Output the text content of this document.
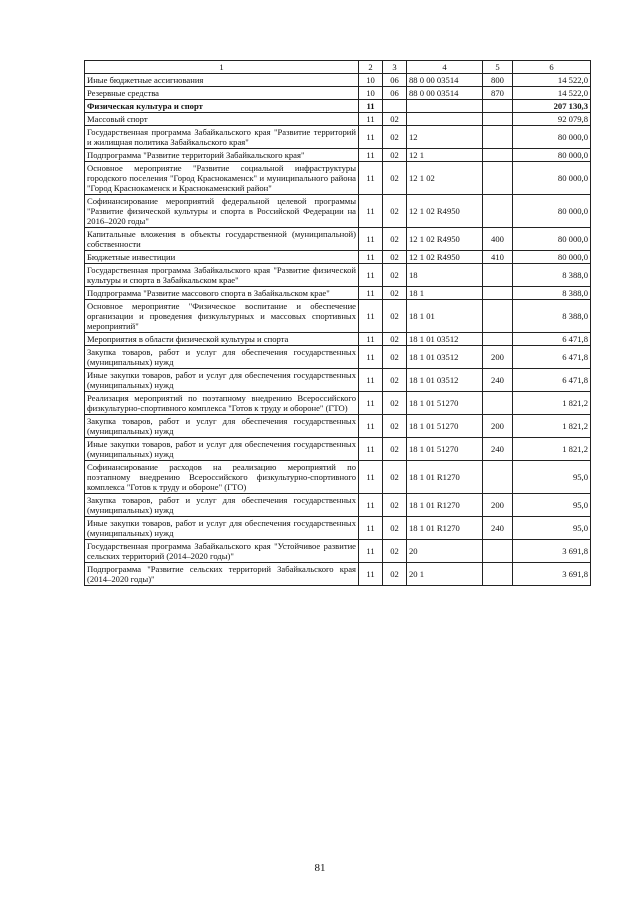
1	2	3	4	5	6
Иные бюджетные ассигнования	10	06	88 0 00 03514	800	14 522,0
Резервные средства	10	06	88 0 00 03514	870	14 522,0
Физическая культура и спорт	11				207 130,3
Массовый спорт	11	02			92 079,8
Государственная программа Забайкальского края "Развитие территорий и жилищная политика Забайкальского края"	11	02	12		80 000,0
Подпрограмма "Развитие территорий Забайкальского края"	11	02	12 1		80 000,0
Основное мероприятие "Развитие социальной инфраструктуры городского поселения "Город Краснокаменск" и муниципального района "Город Краснокаменск и Краснокаменский район"	11	02	12 1 02		80 000,0
Софинансирование мероприятий федеральной целевой программы "Развитие физической культуры и спорта в Российской Федерации на 2016–2020 годы"	11	02	12 1 02 R4950		80 000,0
Капитальные вложения в объекты государственной (муниципальной) собственности	11	02	12 1 02 R4950	400	80 000,0
Бюджетные инвестиции	11	02	12 1 02 R4950	410	80 000,0
Государственная программа Забайкальского края "Развитие физической культуры и спорта в Забайкальском крае"	11	02	18		8 388,0
Подпрограмма "Развитие массового спорта в Забайкальском крае"	11	02	18 1		8 388,0
Основное мероприятие "Физическое воспитание и обеспечение организации и проведения физкультурных и массовых спортивных мероприятий"	11	02	18 1 01		8 388,0
Мероприятия в области физической культуры и спорта	11	02	18 1 01 03512		6 471,8
Закупка товаров, работ и услуг для обеспечения государственных (муниципальных) нужд	11	02	18 1 01 03512	200	6 471,8
Иные закупки товаров, работ и услуг для обеспечения государственных (муниципальных) нужд	11	02	18 1 01 03512	240	6 471,8
Реализация мероприятий по поэтапному внедрению Всероссийского физкультурно-спортивного комплекса "Готов к труду и обороне" (ГТО)	11	02	18 1 01 51270		1 821,2
Закупка товаров, работ и услуг для обеспечения государственных (муниципальных) нужд	11	02	18 1 01 51270	200	1 821,2
Иные закупки товаров, работ и услуг для обеспечения государственных (муниципальных) нужд	11	02	18 1 01 51270	240	1 821,2
Софинансирование расходов на реализацию мероприятий по поэтапному внедрению Всероссийского физкультурно-спортивного комплекса "Готов к труду и обороне" (ГТО)	11	02	18 1 01 R1270		95,0
Закупка товаров, работ и услуг для обеспечения государственных (муниципальных) нужд	11	02	18 1 01 R1270	200	95,0
Иные закупки товаров, работ и услуг для обеспечения государственных (муниципальных) нужд	11	02	18 1 01 R1270	240	95,0
Государственная программа Забайкальского края "Устойчивое развитие сельских территорий (2014–2020 годы)"	11	02	20		3 691,8
Подпрограмма "Развитие сельских территорий Забайкальского края (2014–2020 годы)"	11	02	20 1		3 691,8
81
